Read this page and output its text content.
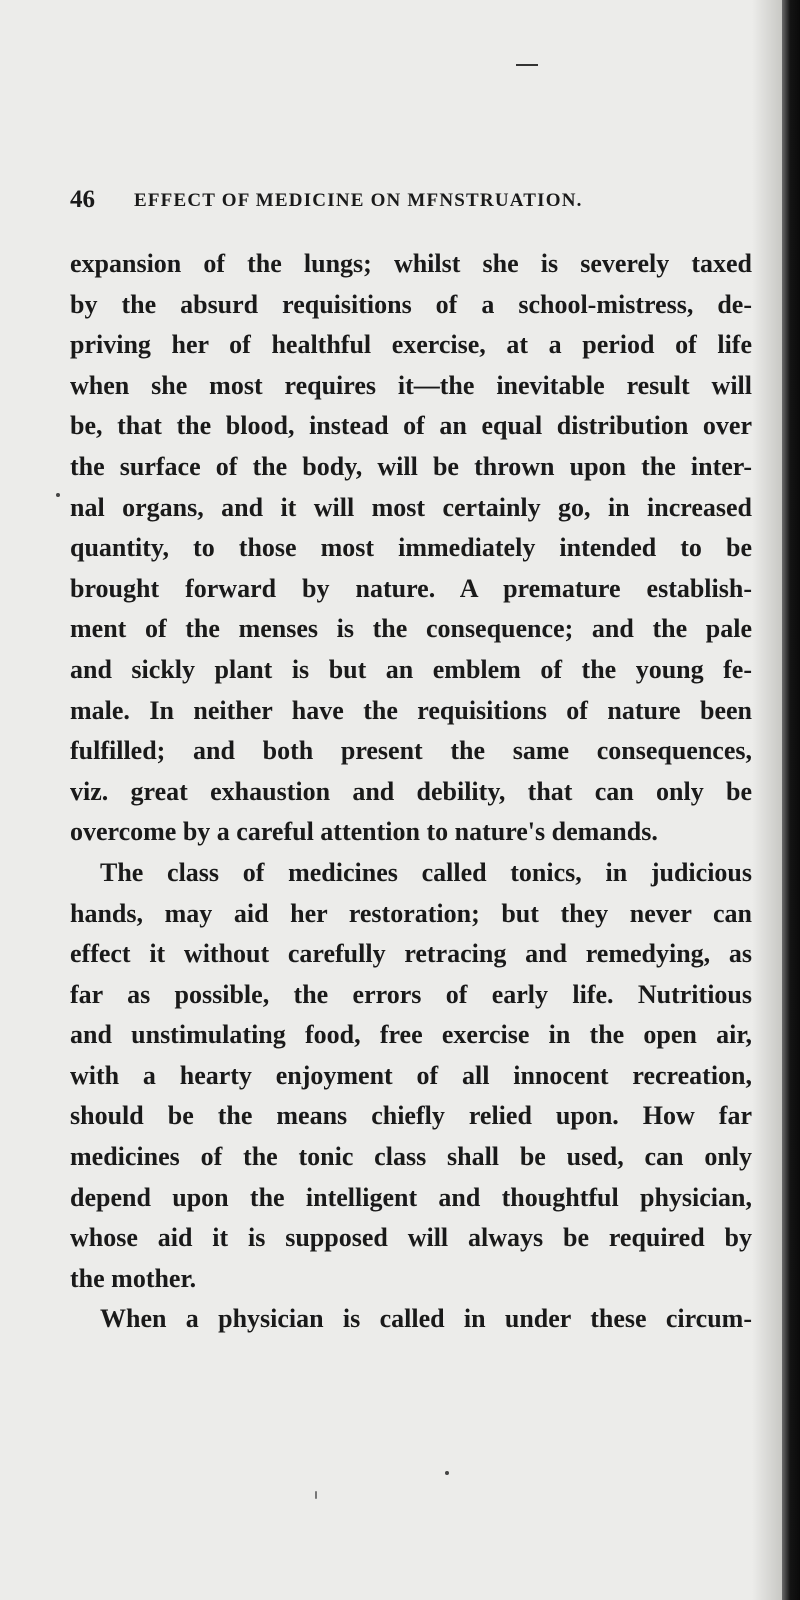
46 EFFECT OF MEDICINE ON MFNSTRUATION.
expansion of the lungs; whilst she is severely taxed
by the absurd requisitions of a school-mistress, de-
priving her of healthful exercise, at a period of life
when she most requires it—the inevitable result will
be, that the blood, instead of an equal distribution over
the surface of the body, will be thrown upon the inter-
nal organs, and it will most certainly go, in increased
quantity, to those most immediately intended to be
brought forward by nature. A premature establish-
ment of the menses is the consequence; and the pale
and sickly plant is but an emblem of the young fe-
male. In neither have the requisitions of nature been
fulfilled; and both present the same consequences,
viz. great exhaustion and debility, that can only be
overcome by a careful attention to nature's demands.
The class of medicines called tonics, in judicious
hands, may aid her restoration; but they never can
effect it without carefully retracing and remedying, as
far as possible, the errors of early life. Nutritious
and unstimulating food, free exercise in the open air,
with a hearty enjoyment of all innocent recreation,
should be the means chiefly relied upon. How far
medicines of the tonic class shall be used, can only
depend upon the intelligent and thoughtful physician,
whose aid it is supposed will always be required by
the mother.
When a physician is called in under these circum-
